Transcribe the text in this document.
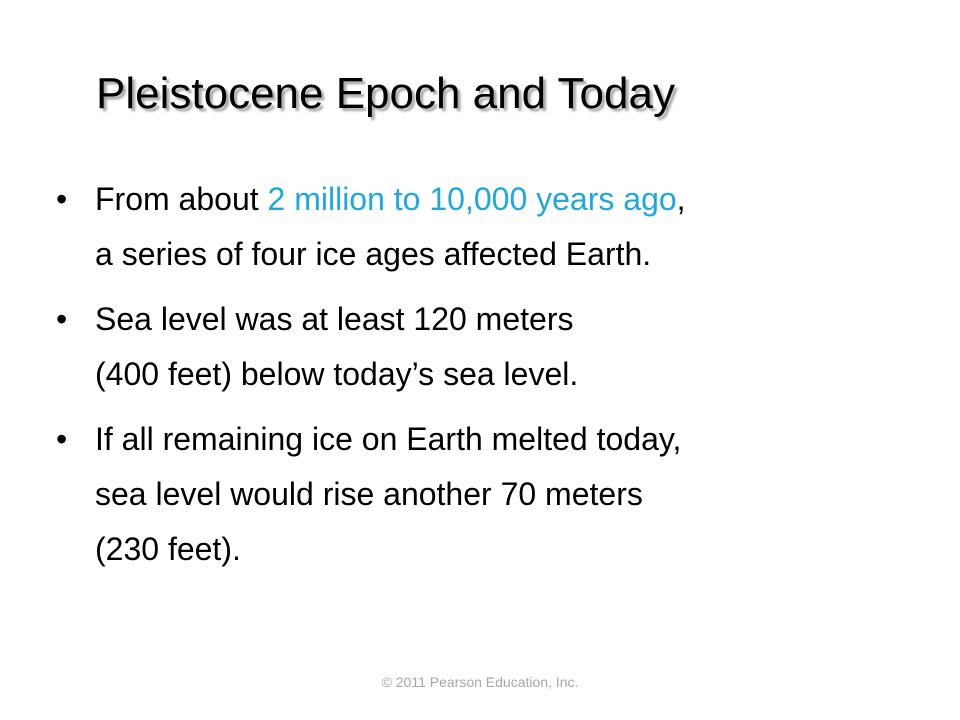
Pleistocene Epoch and Today
• From about 2 million to 10,000 years ago,
a series of four ice ages affected Earth.
• Sea level was at least 120 meters
(400 feet) below today’s sea level.
• If all remaining ice on Earth melted today,
sea level would rise another 70 meters
(230 feet).
© 2011 Pearson Education, Inc.
